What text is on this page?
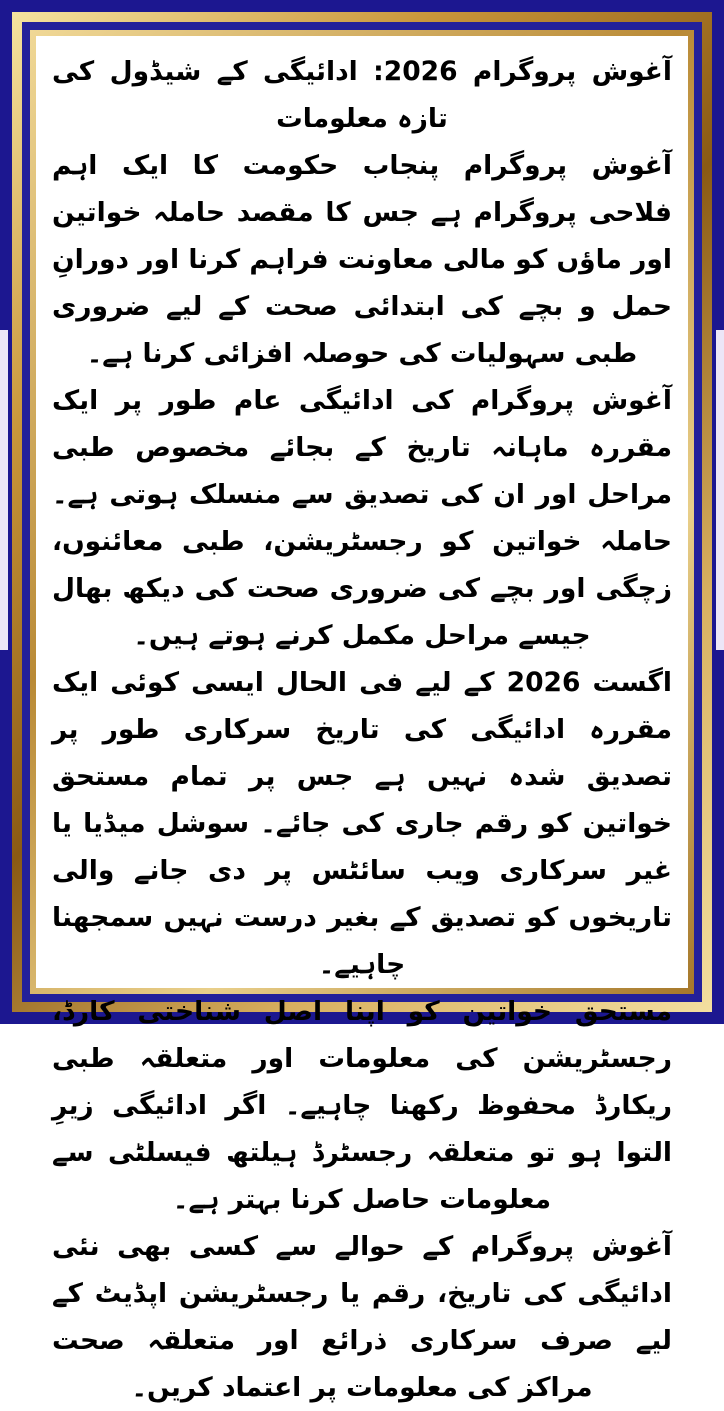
آغوش پروگرام 2026: ادائیگی کے شیڈول کی تازہ معلومات

آغوش پروگرام پنجاب حکومت کا ایک اہم فلاحی پروگرام ہے جس کا مقصد حاملہ خواتین اور ماؤں کو مالی معاونت فراہم کرنا اور دورانِ حمل و بچے کی ابتدائی صحت کے لیے ضروری طبی سہولیات کی حوصلہ افزائی کرنا ہے۔

آغوش پروگرام کی ادائیگی عام طور پر ایک مقررہ ماہانہ تاریخ کے بجائے مخصوص طبی مراحل اور ان کی تصدیق سے منسلک ہوتی ہے۔ حاملہ خواتین کو رجسٹریشن، طبی معائنوں، زچگی اور بچے کی ضروری صحت کی دیکھ بھال جیسے مراحل مکمل کرنے ہوتے ہیں۔

اگست 2026 کے لیے فی الحال ایسی کوئی ایک مقررہ ادائیگی کی تاریخ سرکاری طور پر تصدیق شدہ نہیں ہے جس پر تمام مستحق خواتین کو رقم جاری کی جائے۔ سوشل میڈیا یا غیر سرکاری ویب سائٹس پر دی جانے والی تاریخوں کو تصدیق کے بغیر درست نہیں سمجھنا چاہیے۔

مستحق خواتین کو اپنا اصل شناختی کارڈ، رجسٹریشن کی معلومات اور متعلقہ طبی ریکارڈ محفوظ رکھنا چاہیے۔ اگر ادائیگی زیرِ التوا ہو تو متعلقہ رجسٹرڈ ہیلتھ فیسلٹی سے معلومات حاصل کرنا بہتر ہے۔

آغوش پروگرام کے حوالے سے کسی بھی نئی ادائیگی کی تاریخ، رقم یا رجسٹریشن اپڈیٹ کے لیے صرف سرکاری ذرائع اور متعلقہ صحت مراکز کی معلومات پر اعتماد کریں۔
